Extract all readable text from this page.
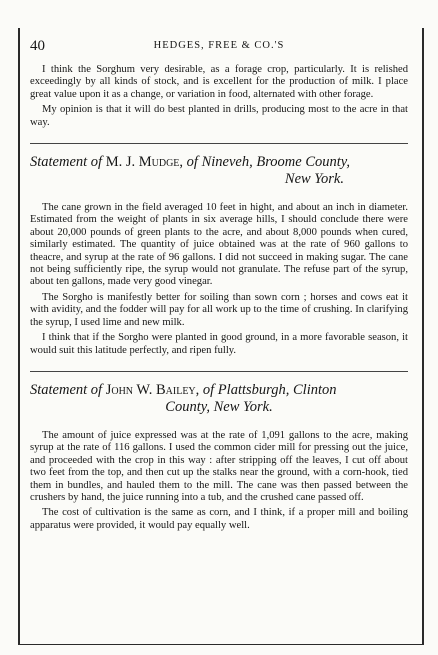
40	HEDGES, FREE & CO.'S

I think the Sorghum very desirable, as a forage crop, particularly. It is relished exceedingly by all kinds of stock, and is excellent for the production of milk. I place great value upon it as a change, or variation in food, alternated with other forage.

My opinion is that it will do best planted in drills, producing most to the acre in that way.

Statement of M. J. Mudge, of Nineveh, Broome County,
New York.

The cane grown in the field averaged 10 feet in hight, and about an inch in diameter. Estimated from the weight of plants in six average hills, I should conclude there were about 20,000 pounds of green plants to the acre, and about 8,000 pounds when cured, similarly estimated. The quantity of juice obtained was at the rate of 960 gallons to theacre, and syrup at the rate of 96 gallons. I did not succeed in making sugar. The cane not being sufficiently ripe, the syrup would not granulate. The refuse part of the syrup, about ten gallons, made very good vinegar.

The Sorgho is manifestly better for soiling than sown corn ; horses and cows eat it with avidity, and the fodder will pay for all work up to the time of crushing. In clarifying the syrup, I used lime and new milk.

I think that if the Sorgho were planted in good ground, in a more favorable season, it would suit this latitude perfectly, and ripen fully.

Statement of John W. Bailey, of Plattsburgh, Clinton
County, New York.

The amount of juice expressed was at the rate of 1,091 gallons to the acre, making syrup at the rate of 116 gallons. I used the common cider mill for pressing out the juice, and proceeded with the crop in this way : after stripping off the leaves, I cut off about two feet from the top, and then cut up the stalks near the ground, with a corn-hook, tied them in bundles, and hauled them to the mill. The cane was then passed between the crushers by hand, the juice running into a tub, and the crushed cane passed off.

The cost of cultivation is the same as corn, and I think, if a proper mill and boiling apparatus were provided, it would pay equally well.
